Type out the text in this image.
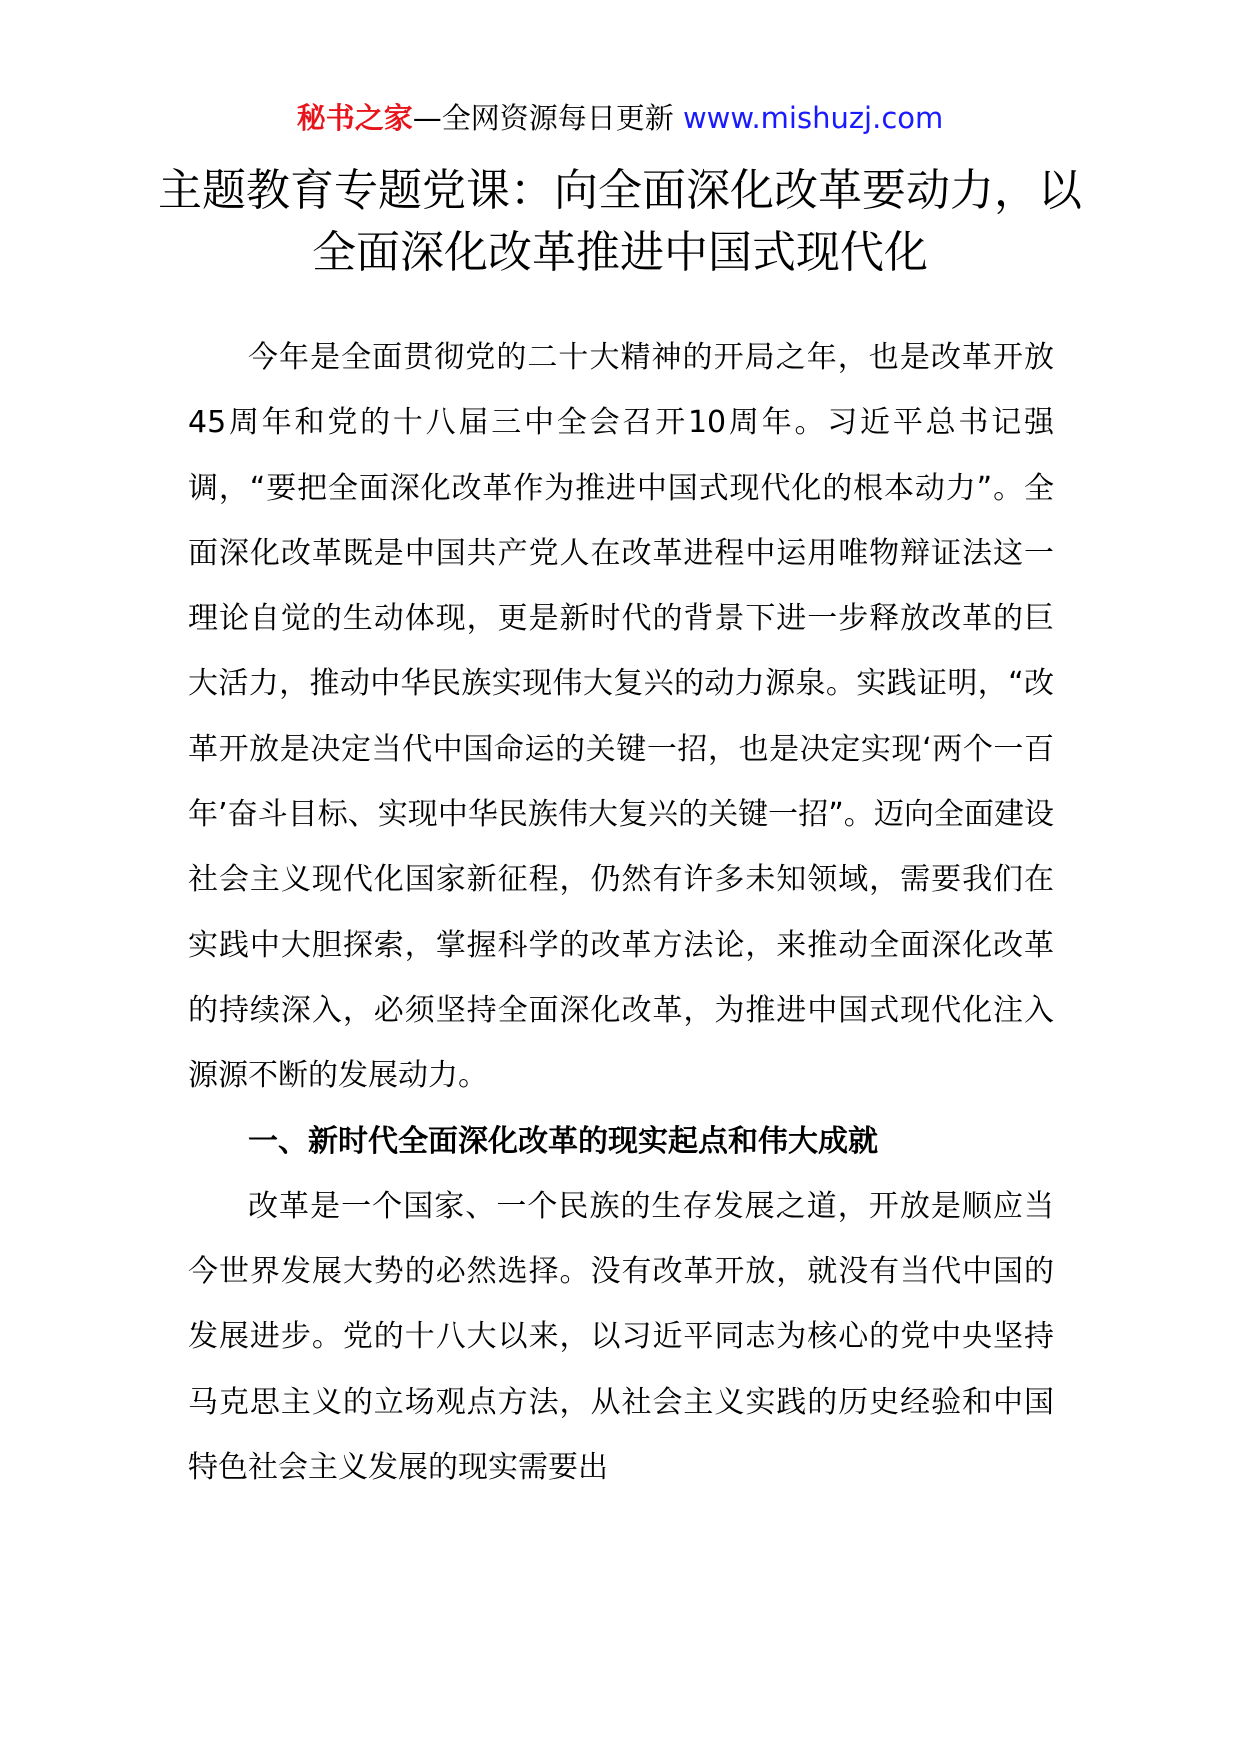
秘书之家—全网资源每日更新 www.mishuzj.com
主题教育专题党课：向全面深化改革要动力，以全面深化改革推进中国式现代化

今年是全面贯彻党的二十大精神的开局之年，也是改革开放45周年和党的十八届三中全会召开10周年。习近平总书记强调，“要把全面深化改革作为推进中国式现代化的根本动力”。全面深化改革既是中国共产党人在改革进程中运用唯物辩证法这一理论自觉的生动体现，更是新时代的背景下进一步释放改革的巨大活力，推动中华民族实现伟大复兴的动力源泉。实践证明，“改革开放是决定当代中国命运的关键一招，也是决定实现‘两个一百年’奋斗目标、实现中华民族伟大复兴的关键一招”。迈向全面建设社会主义现代化国家新征程，仍然有许多未知领域，需要我们在实践中大胆探索，掌握科学的改革方法论，来推动全面深化改革的持续深入，必须坚持全面深化改革，为推进中国式现代化注入源源不断的发展动力。

一、新时代全面深化改革的现实起点和伟大成就

改革是一个国家、一个民族的生存发展之道，开放是顺应当今世界发展大势的必然选择。没有改革开放，就没有当代中国的发展进步。党的十八大以来，以习近平同志为核心的党中央坚持马克思主义的立场观点方法，从社会主义实践的历史经验和中国特色社会主义发展的现实需要出
